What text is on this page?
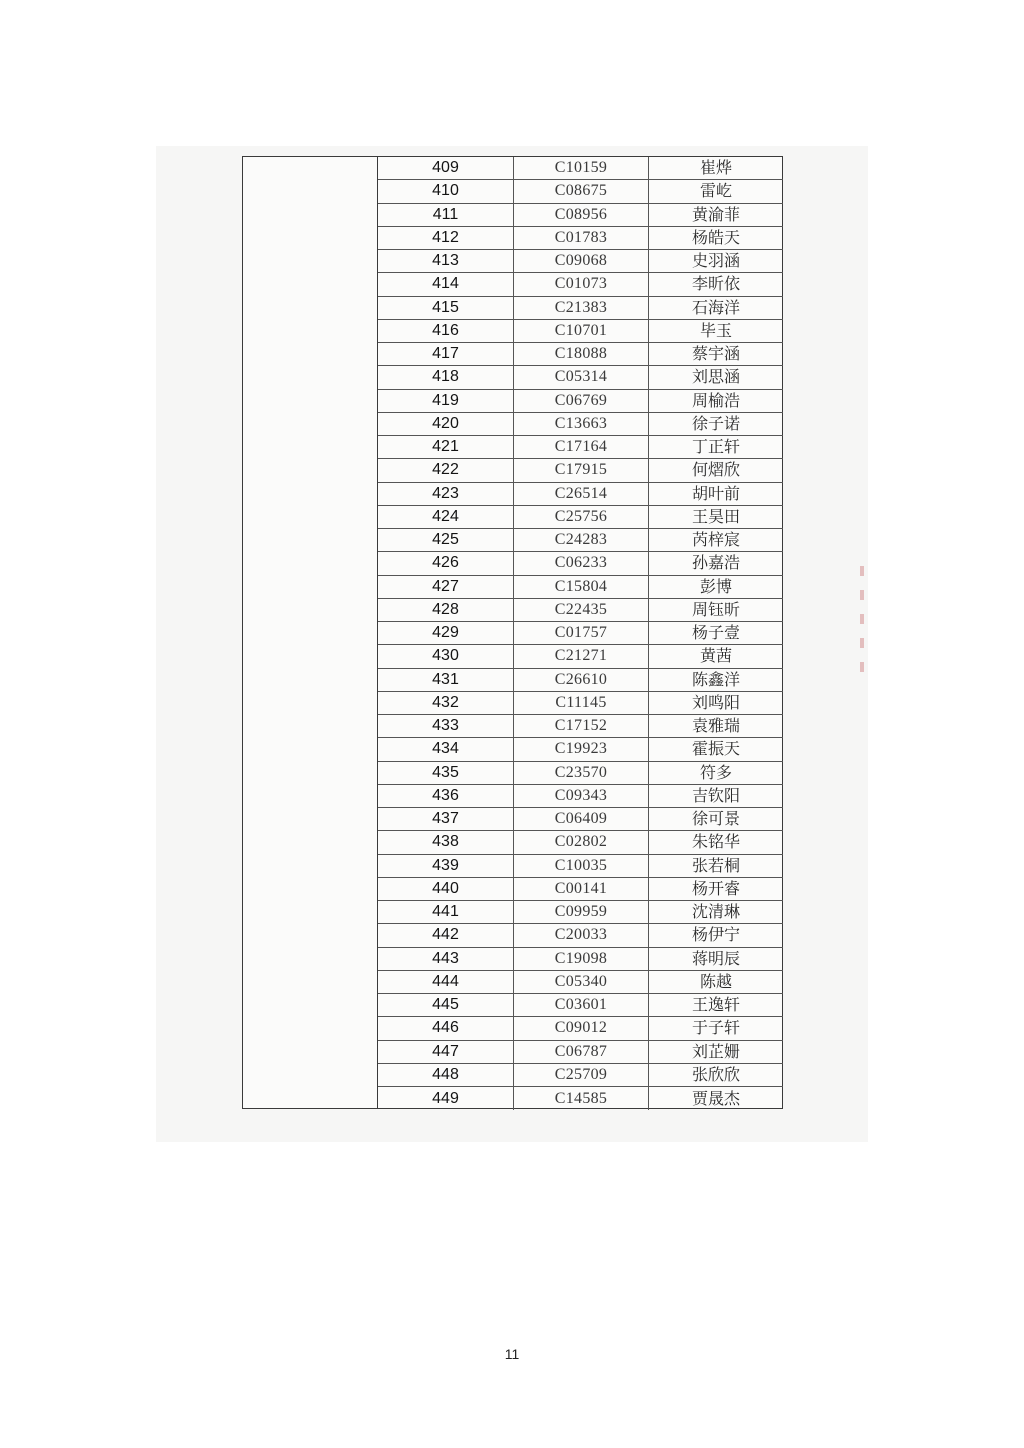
409	C10159	崔烨
410	C08675	雷屹
411	C08956	黄渝菲
412	C01783	杨皓天
413	C09068	史羽涵
414	C01073	李昕依
415	C21383	石海洋
416	C10701	毕玉
417	C18088	蔡宇涵
418	C05314	刘思涵
419	C06769	周榆浩
420	C13663	徐子诺
421	C17164	丁正轩
422	C17915	何熠欣
423	C26514	胡叶前
424	C25756	王昊田
425	C24283	芮梓宸
426	C06233	孙嘉浩
427	C15804	彭博
428	C22435	周钰昕
429	C01757	杨子壹
430	C21271	黄茜
431	C26610	陈鑫洋
432	C11145	刘鸣阳
433	C17152	袁雅瑞
434	C19923	霍振天
435	C23570	符多
436	C09343	吉钦阳
437	C06409	徐可景
438	C02802	朱铭华
439	C10035	张若桐
440	C00141	杨开睿
441	C09959	沈清琳
442	C20033	杨伊宁
443	C19098	蒋明辰
444	C05340	陈越
445	C03601	王逸轩
446	C09012	于子轩
447	C06787	刘芷姗
448	C25709	张欣欣
449	C14585	贾晟杰
11
